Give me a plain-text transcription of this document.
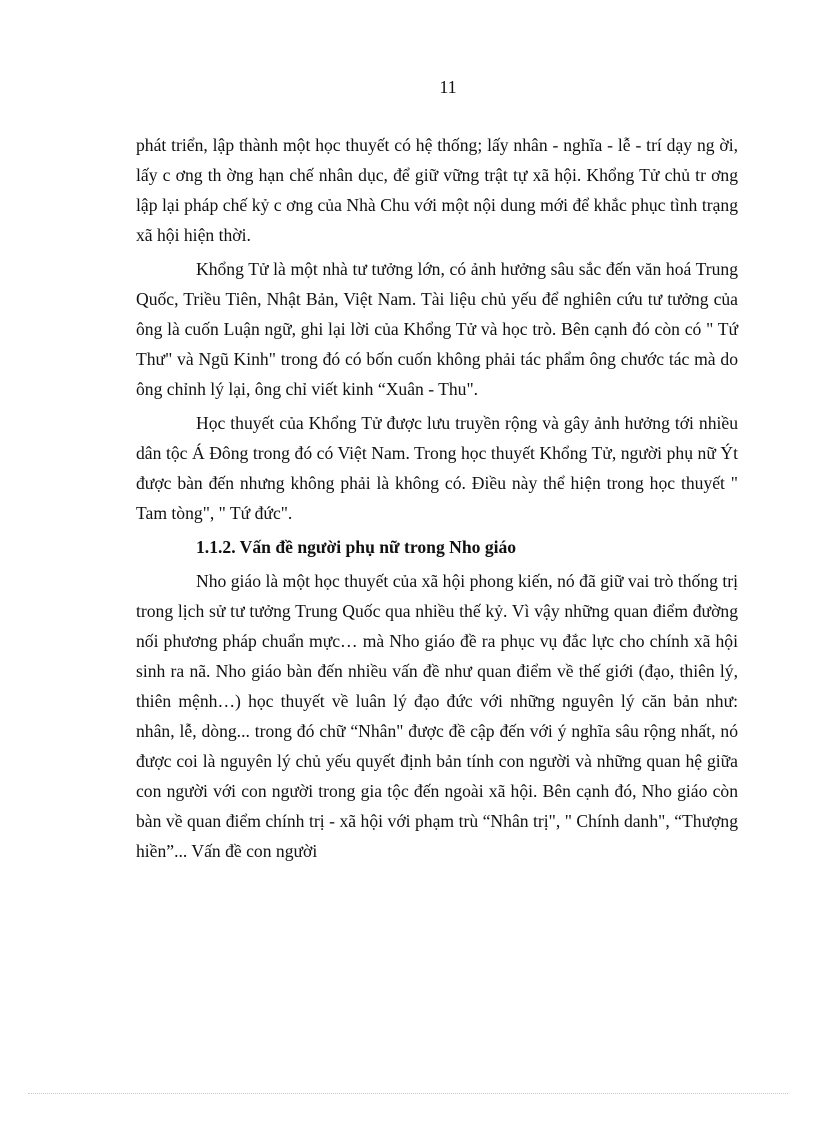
11

phát triển, lập thành một học thuyết có hệ thống; lấy nhân - nghĩa - lễ - trí dạy ng ời, lấy c ơng th ờng hạn chế nhân dục, để giữ vững trật tự xã hội. Khổng Tử chủ tr ơng lập lại pháp chế kỷ c ơng của Nhà Chu với một nội dung mới để khắc phục tình trạng xã hội hiện thời.

Khổng Tử là một nhà tư tưởng lớn, có ảnh hưởng sâu sắc đến văn hoá Trung Quốc, Triều Tiên, Nhật Bản, Việt Nam. Tài liệu chủ yếu để nghiên cứu tư tưởng của ông là cuốn Luận ngữ, ghi lại lời của Khổng Tử và học trò. Bên cạnh đó còn có " Tứ Thư" và Ngũ Kinh" trong đó có bốn cuốn không phải tác phẩm ông chước tác mà do ông chỉnh lý lại, ông chỉ viết kinh “Xuân - Thu".

Học thuyết của Khổng Tử được lưu truyền rộng và gây ảnh hưởng tới nhiều dân tộc Á Đông trong đó có Việt Nam. Trong học thuyết Khổng Tử, người phụ nữ Ýt được bàn đến nhưng không phải là không có. Điều này thể hiện trong học thuyết " Tam tòng", " Tứ đức".

1.1.2. Vấn đề người phụ nữ trong Nho giáo

Nho giáo là một học thuyết của xã hội phong kiến, nó đã giữ vai trò thống trị trong lịch sử tư tưởng Trung Quốc qua nhiều thế kỷ. Vì vậy những quan điểm đường nối phương pháp chuẩn mực… mà Nho giáo đề ra phục vụ đắc lực cho chính xã hội sinh ra nã. Nho giáo bàn đến nhiều vấn đề như quan điểm về thế giới (đạo, thiên lý, thiên mệnh…) học thuyết về luân lý đạo đức với những nguyên lý căn bản như: nhân, lễ, dòng... trong đó chữ “Nhân" được đề cập đến với ý nghĩa sâu rộng nhất, nó được coi là nguyên lý chủ yếu quyết định bản tính con người và những quan hệ giữa con người với con người trong gia tộc đến ngoài xã hội. Bên cạnh đó, Nho giáo còn bàn về quan điểm chính trị - xã hội với phạm trù “Nhân trị", " Chính danh", “Thượng hiền”... Vấn đề con người
